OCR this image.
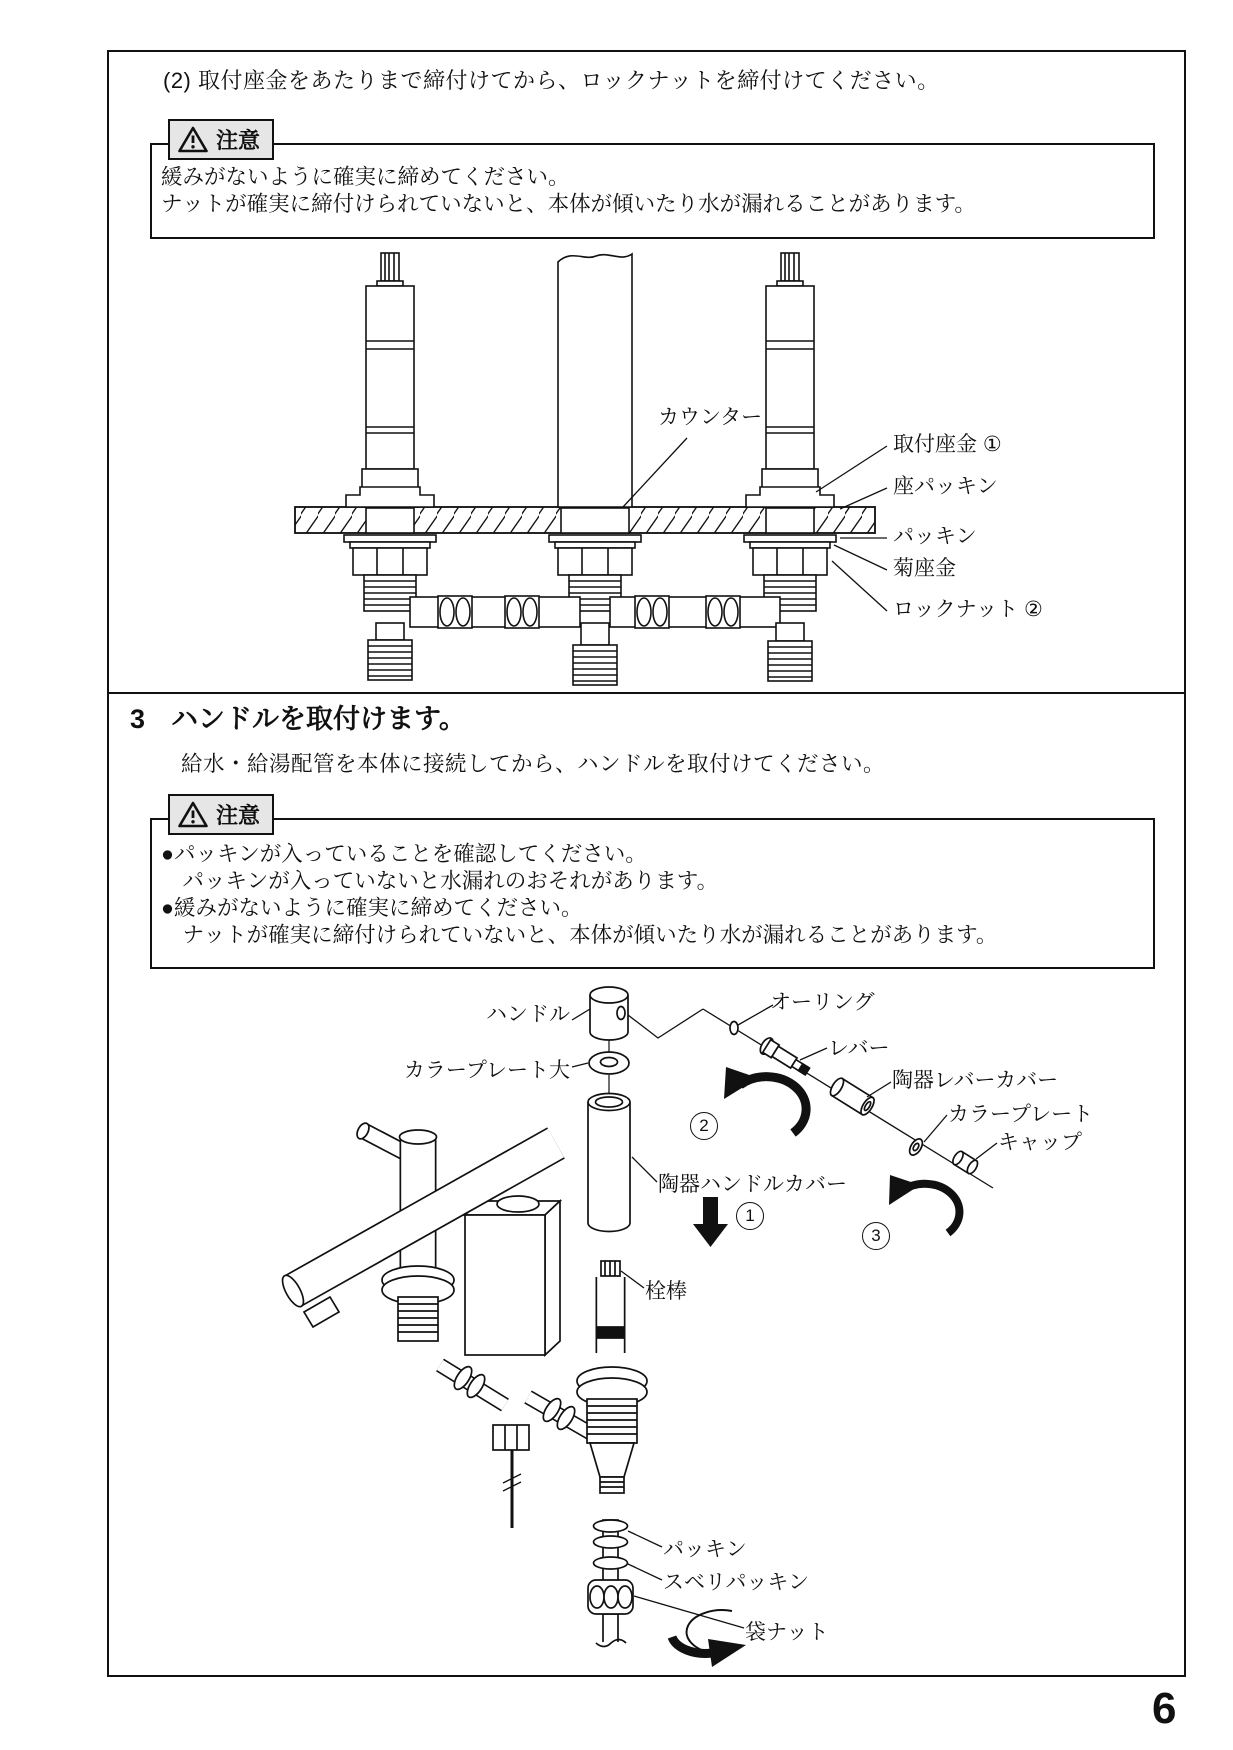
(2) 取付座金をあたりまで締付けてから、ロックナットを締付けてください。
注意
緩みがないように確実に締めてください。
ナットが確実に締付けられていないと、本体が傾いたり水が漏れることがあります。
カウンター
取付座金 ①
座パッキン
パッキン
菊座金
ロックナット ②
3 ハンドルを取付けます。
給水・給湯配管を本体に接続してから、ハンドルを取付けてください。
注意
●パッキンが入っていることを確認してください。
　パッキンが入っていないと水漏れのおそれがあります。
●緩みがないように確実に締めてください。
　ナットが確実に締付けられていないと、本体が傾いたり水が漏れることがあります。
ハンドル
オーリング
レバー
カラープレート大	陶器レバーカバー
カラープレート
キャップ
陶器ハンドルカバー
栓棒
パッキン
スベリパッキン
袋ナット
2
1
3
6
